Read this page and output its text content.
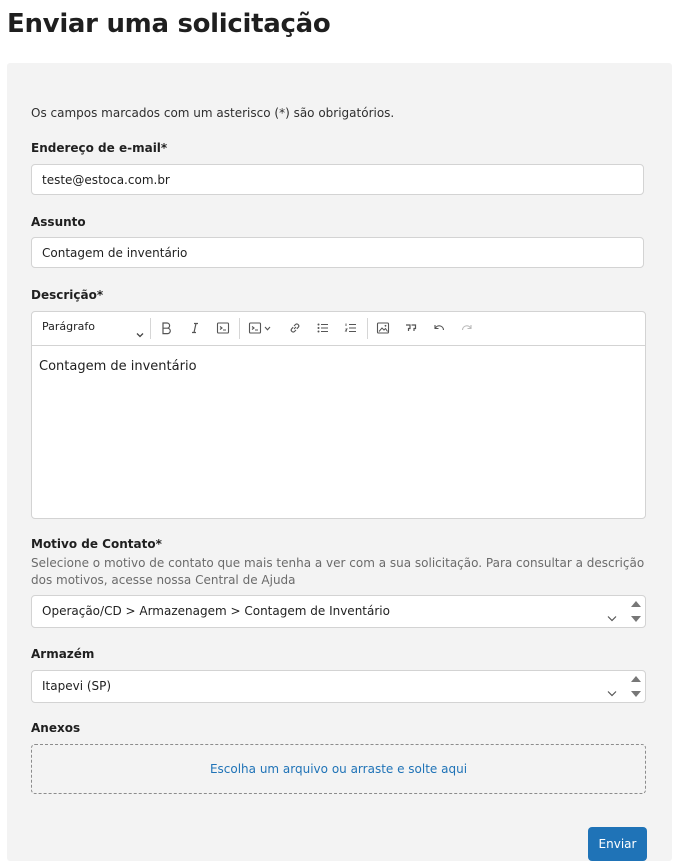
Enviar uma solicitação
Os campos marcados com um asterisco (*) são obrigatórios.
Endereço de e-mail*
teste@estoca.com.br
Assunto
Contagem de inventário
Descrição*
Parágrafo
Contagem de inventário
Motivo de Contato*
Selecione o motivo de contato que mais tenha a ver com a sua solicitação. Para consultar a descrição dos motivos, acesse nossa Central de Ajuda
Operação/CD > Armazenagem > Contagem de Inventário
Armazém
Itapevi (SP)
Anexos
Escolha um arquivo ou arraste e solte aqui
Enviar
